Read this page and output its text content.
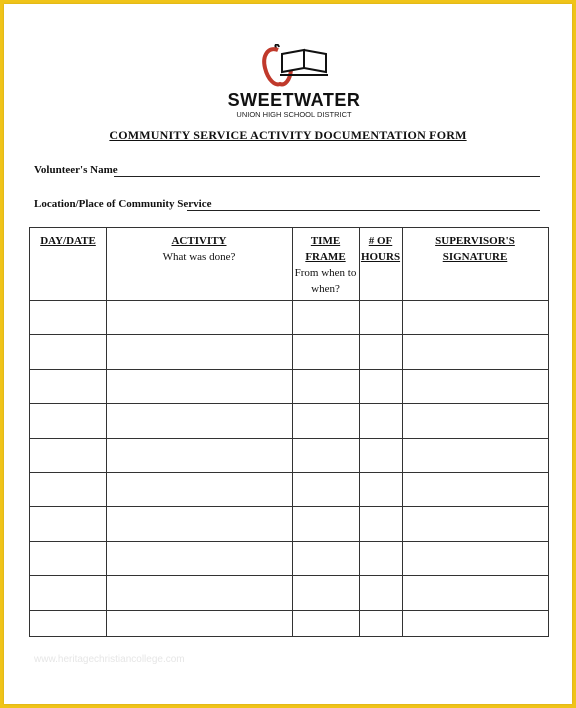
SWEETWATER
UNION HIGH SCHOOL DISTRICT
COMMUNITY SERVICE ACTIVITY DOCUMENTATION FORM
Volunteer's Name
Location/Place of Community Service
DAY/DATE	ACTIVITY
What was done?
TIME
FRAME
From when to
when?
# OF
HOURS
SUPERVISOR'S
SIGNATURE
www.heritagechristiancollege.com
